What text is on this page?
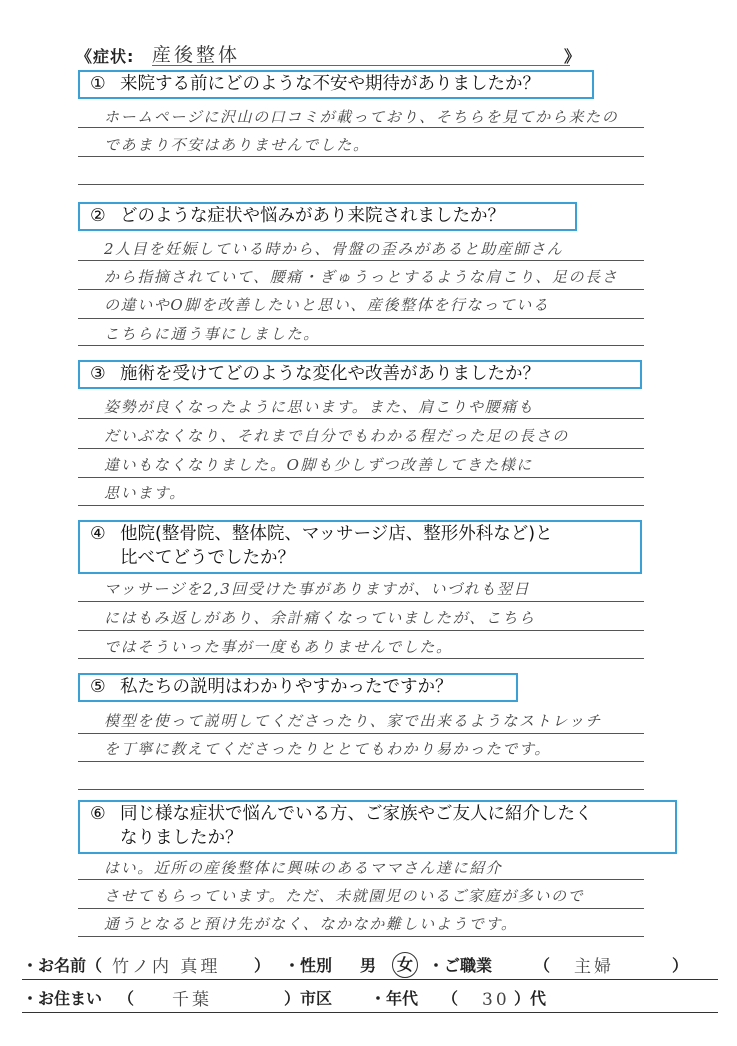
《症状: 産後整体	》
① 来院する前にどのような不安や期待がありましたか？
ホームページに沢山の口コミが載っており、そちらを見てから来たの
であまり不安はありませんでした。
② どのような症状や悩みがあり来院されましたか？
2人目を妊娠している時から、骨盤の歪みがあると助産師さん
から指摘されていて、腰痛・ぎゅうっとするような肩こり、足の長さ
の違いやO脚を改善したいと思い、産後整体を行なっている
こちらに通う事にしました。
③ 施術を受けてどのような変化や改善がありましたか？
姿勢が良くなったように思います。また、肩こりや腰痛も
だいぶなくなり、それまで自分でもわかる程だった足の長さの
違いもなくなりました。O脚も少しずつ改善してきた様に
思います。
④ 他院(整骨院、整体院、マッサージ店、整形外科など)と
比べてどうでしたか？
マッサージを2,3回受けた事がありますが、いづれも翌日
にはもみ返しがあり、余計痛くなっていましたが、こちら
ではそういった事が一度もありませんでした。
⑤ 私たちの説明はわかりやすかったですか？
模型を使って説明してくださったり、家で出来るようなストレッチ
を丁寧に教えてくださったりととてもわかり易かったです。
⑥ 同じ様な症状で悩んでいる方、ご家族やご友人に紹介したく
なりましたか？
はい。近所の産後整体に興味のあるママさん達に紹介
させてもらっています。ただ、未就園児のいるご家庭が多いので
通うとなると預け先がなく、なかなか難しいようです。
・お名前（ 竹ノ内 真理 ） ・性別 男	女 ・ご職業	（ 主婦	）
・お住まい （ 千葉	）市区 ・年代 （ 30 ）代
